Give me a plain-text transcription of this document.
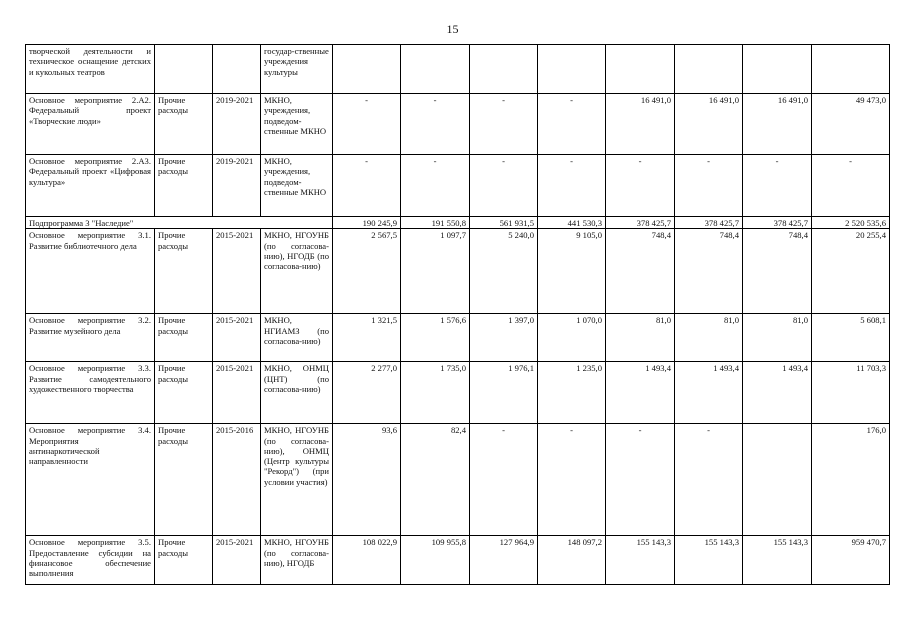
15
творческой деятельности и техническое оснащение детских и кукольных театров			государ-ственные учреждения культуры								
Основное мероприятие 2.А2. Федеральный проект «Творческие люди»	Прочие расходы	2019-2021	МКНО, учреждения, подведом-ственные МКНО	-	-	-	-	16 491,0	16 491,0	16 491,0	49 473,0
Основное мероприятие 2.А3. Федеральный проект «Цифровая культура»	Прочие расходы	2019-2021	МКНО, учреждения, подведом-ственные МКНО	-	-	-	-	-	-	-	-
Подпрограмма 3 "Наследие"				190 245,9	191 550,8	561 931,5	441 530,3	378 425,7	378 425,7	378 425,7	2 520 535,6
Основное мероприятие 3.1. Развитие библиотечного дела	Прочие расходы	2015-2021	МКНО, НГОУНБ (по согласова-нию), НГОДБ (по согласова-нию)	2 567,5	1 097,7	5 240,0	9 105,0	748,4	748,4	748,4	20 255,4
Основное мероприятие 3.2. Развитие музейного дела	Прочие расходы	2015-2021	МКНО, НГИАМЗ (по согласова-нию)	1 321,5	1 576,6	1 397,0	1 070,0	81,0	81,0	81,0	5 608,1
Основное мероприятие 3.3. Развитие самодеятельного художественного творчества	Прочие расходы	2015-2021	МКНО, ОНМЦ (ЦНТ) (по согласова-нию)	2 277,0	1 735,0	1 976,1	1 235,0	1 493,4	1 493,4	1 493,4	11 703,3
Основное мероприятие 3.4. Мероприятия антинаркотической направленности	Прочие расходы	2015-2016	МКНО, НГОУНБ (по согласова-нию), ОНМЦ (Центр культуры "Рекорд") (при условии участия)	93,6	82,4	-	-	-	-		176,0
Основное мероприятие 3.5. Предоставление субсидии на финансовое обеспечение выполнения	Прочие расходы	2015-2021	МКНО, НГОУНБ (по согласова-нию), НГОДБ	108 022,9	109 955,8	127 964,9	148 097,2	155 143,3	155 143,3	155 143,3	959 470,7
